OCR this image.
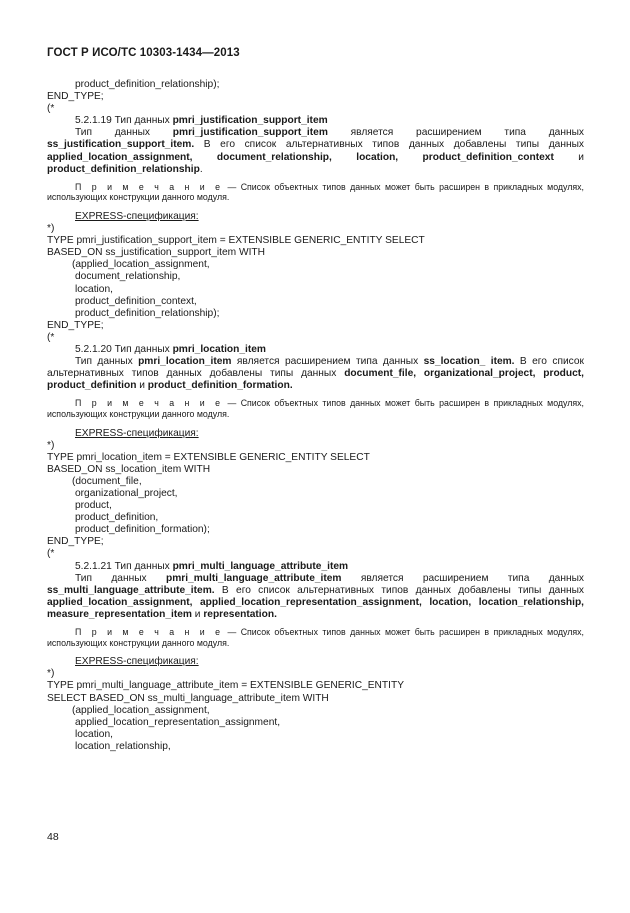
ГОСТ Р ИСО/ТС 10303-1434—2013
product_definition_relationship);
END_TYPE;
(*
5.2.1.19 Тип данных pmri_justification_support_item

Тип данных pmri_justification_support_item является расширением типа данных ss_justification_support_item. В его список альтернативных типов данных добавлены типы данных applied_location_assignment, document_relationship, location, product_definition_context и product_definition_relationship.

П р и м е ч а н и е — Список объектных типов данных может быть расширен в прикладных модулях, использующих конструкции данного модуля.

EXPRESS-спецификация:
*)
TYPE pmri_justification_support_item = EXTENSIBLE GENERIC_ENTITY SELECT
BASED_ON ss_justification_support_item WITH
(applied_location_assignment,
document_relationship,
location,
product_definition_context,
product_definition_relationship);
END_TYPE;
(*
5.2.1.20 Тип данных pmri_location_item

Тип данных pmri_location_item является расширением типа данных ss_location_ item. В его список альтернативных типов данных добавлены типы данных document_file, organizational_project, product, product_definition и product_definition_formation.

П р и м е ч а н и е — Список объектных типов данных может быть расширен в прикладных модулях, использующих конструкции данного модуля.

EXPRESS-спецификация:
*)
TYPE pmri_location_item = EXTENSIBLE GENERIC_ENTITY SELECT
BASED_ON ss_location_item WITH
(document_file,
organizational_project,
product,
product_definition,
product_definition_formation);
END_TYPE;
(*
5.2.1.21 Тип данных pmri_multi_language_attribute_item

Тип данных pmri_multi_language_attribute_item является расширением типа данных ss_multi_language_attribute_item. В его список альтернативных типов данных добавлены типы данных applied_location_assignment, applied_location_representation_assignment, location, location_relationship, measure_representation_item и representation.

П р и м е ч а н и е — Список объектных типов данных может быть расширен в прикладных модулях, использующих конструкции данного модуля.

EXPRESS-спецификация:
*)
TYPE pmri_multi_language_attribute_item = EXTENSIBLE GENERIC_ENTITY
SELECT BASED_ON ss_multi_language_attribute_item WITH
(applied_location_assignment,
applied_location_representation_assignment,
location,
location_relationship,
48
